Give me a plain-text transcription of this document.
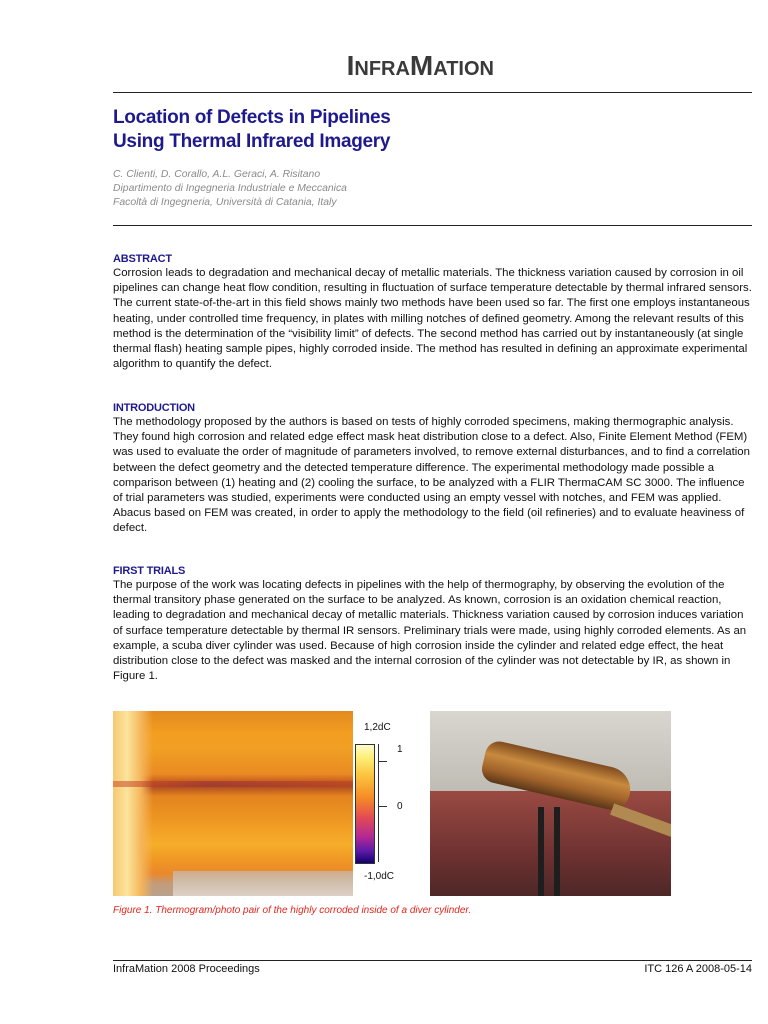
InfraMation
Location of Defects in Pipelines
Using Thermal Infrared Imagery
C. Clienti, D. Corallo, A.L. Geraci, A. Risitano
Dipartimento di Ingegneria Industriale e Meccanica
Facoltà di Ingegneria, Università di Catania, Italy
ABSTRACT

Corrosion leads to degradation and mechanical decay of metallic materials. The thickness variation caused by corrosion in oil pipelines can change heat flow condition, resulting in fluctuation of surface temperature detectable by thermal infrared sensors. The current state-of-the-art in this field shows mainly two methods have been used so far. The first one employs instantaneous heating, under controlled time frequency, in plates with milling notches of defined geometry. Among the relevant results of this method is the determination of the “visibility limit” of defects. The second method has carried out by instantaneously (at single thermal flash) heating sample pipes, highly corroded inside. The method has resulted in defining an approximate experimental algorithm to quantify the defect.

INTRODUCTION

The methodology proposed by the authors is based on tests of highly corroded specimens, making thermographic analysis. They found high corrosion and related edge effect mask heat distribution close to a defect. Also, Finite Element Method (FEM) was used to evaluate the order of magnitude of parameters involved, to remove external disturbances, and to find a correlation between the defect geometry and the detected temperature difference. The experimental methodology made possible a comparison between (1) heating and (2) cooling the surface, to be analyzed with a FLIR ThermaCAM SC 3000. The influence of trial parameters was studied, experiments were conducted using an empty vessel with notches, and FEM was applied. Abacus based on FEM was created, in order to apply the methodology to the field (oil refineries) and to evaluate heaviness of defect.

FIRST TRIALS

The purpose of the work was locating defects in pipelines with the help of thermography, by observing the evolution of the thermal transitory phase generated on the surface to be analyzed. As known, corrosion is an oxidation chemical reaction, leading to degradation and mechanical decay of metallic materials. Thickness variation caused by corrosion induces variation of surface temperature detectable by thermal IR sensors. Preliminary trials were made, using highly corroded elements. As an example, a scuba diver cylinder was used. Because of high corrosion inside the cylinder and related edge effect, the heat distribution close to the defect was masked and the internal corrosion of the cylinder was not detectable by IR, as shown in Figure 1.

1,2dC
1
0
-1,0dC
Figure 1. Thermogram/photo pair of the highly corroded inside of a diver cylinder.
InfraMation 2008 Proceedings	ITC 126 A 2008-05-14
